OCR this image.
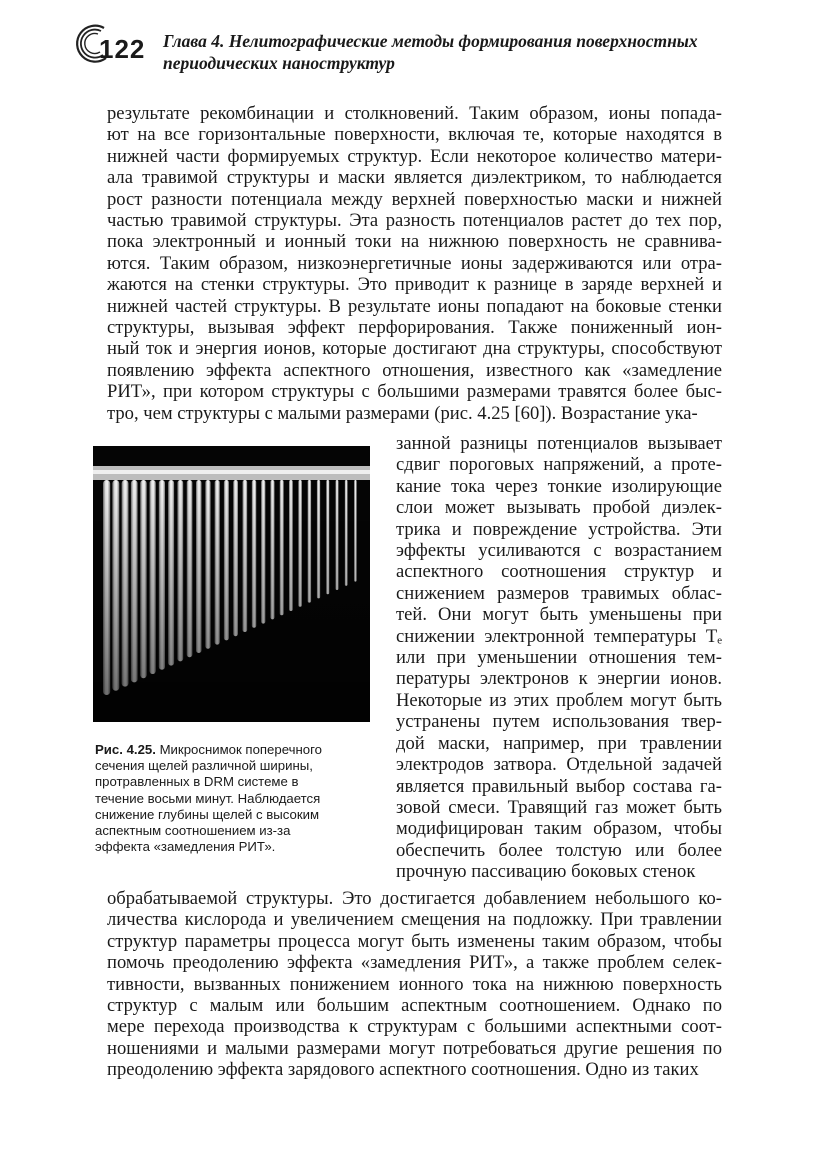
122 Глава 4. Нелитографические методы формирования поверхностных
периодических наноструктур
результате рекомбинации и столкновений. Таким образом, ионы попада-
ют на все горизонтальные поверхности, включая те, которые находятся в
нижней части формируемых структур. Если некоторое количество матери-
ала травимой структуры и маски является диэлектриком, то наблюдается
рост разности потенциала между верхней поверхностью маски и нижней
частью травимой структуры. Эта разность потенциалов растет до тех пор,
пока электронный и ионный токи на нижнюю поверхность не сравнива-
ются. Таким образом, низкоэнергетичные ионы задерживаются или отра-
жаются на стенки структуры. Это приводит к разнице в заряде верхней и
нижней частей структуры. В результате ионы попадают на боковые стенки
структуры, вызывая эффект перфорирования. Также пониженный ион-
ный ток и энергия ионов, которые достигают дна структуры, способствуют
появлению эффекта аспектного отношения, известного как «замедление
РИТ», при котором структуры с большими размерами травятся более быс-
тро, чем структуры с малыми размерами (рис. 4.25 [60]). Возрастание ука-
занной разницы потенциалов вызывает
сдвиг пороговых напряжений, а проте-
кание тока через тонкие изолирующие
слои может вызывать пробой диэлек-
трика и повреждение устройства. Эти
эффекты усиливаются с возрастанием
аспектного соотношения структур и
снижением размеров травимых облас-
тей. Они могут быть уменьшены при
снижении электронной температуры Tₑ
или при уменьшении отношения тем-
пературы электронов к энергии ионов.
Некоторые из этих проблем могут быть
устранены путем использования твер-
дой маски, например, при травлении
электродов затвора. Отдельной задачей
является правильный выбор состава га-
зовой смеси. Травящий газ может быть
модифицирован таким образом, чтобы
обеспечить более толстую или более
прочную пассивацию боковых стенок
Рис. 4.25. Микроснимок поперечного
сечения щелей различной ширины,
протравленных в DRM системе в
течение восьми минут. Наблюдается
снижение глубины щелей с высоким
аспектным соотношением из-за
эффекта «замедления РИТ».
обрабатываемой структуры. Это достигается добавлением небольшого ко-
личества кислорода и увеличением смещения на подложку. При травлении
структур параметры процесса могут быть изменены таким образом, чтобы
помочь преодолению эффекта «замедления РИТ», а также проблем селек-
тивности, вызванных понижением ионного тока на нижнюю поверхность
структур с малым или большим аспектным соотношением. Однако по
мере перехода производства к структурам с большими аспектными соот-
ношениями и малыми размерами могут потребоваться другие решения по
преодолению эффекта зарядового аспектного соотношения. Одно из таких
